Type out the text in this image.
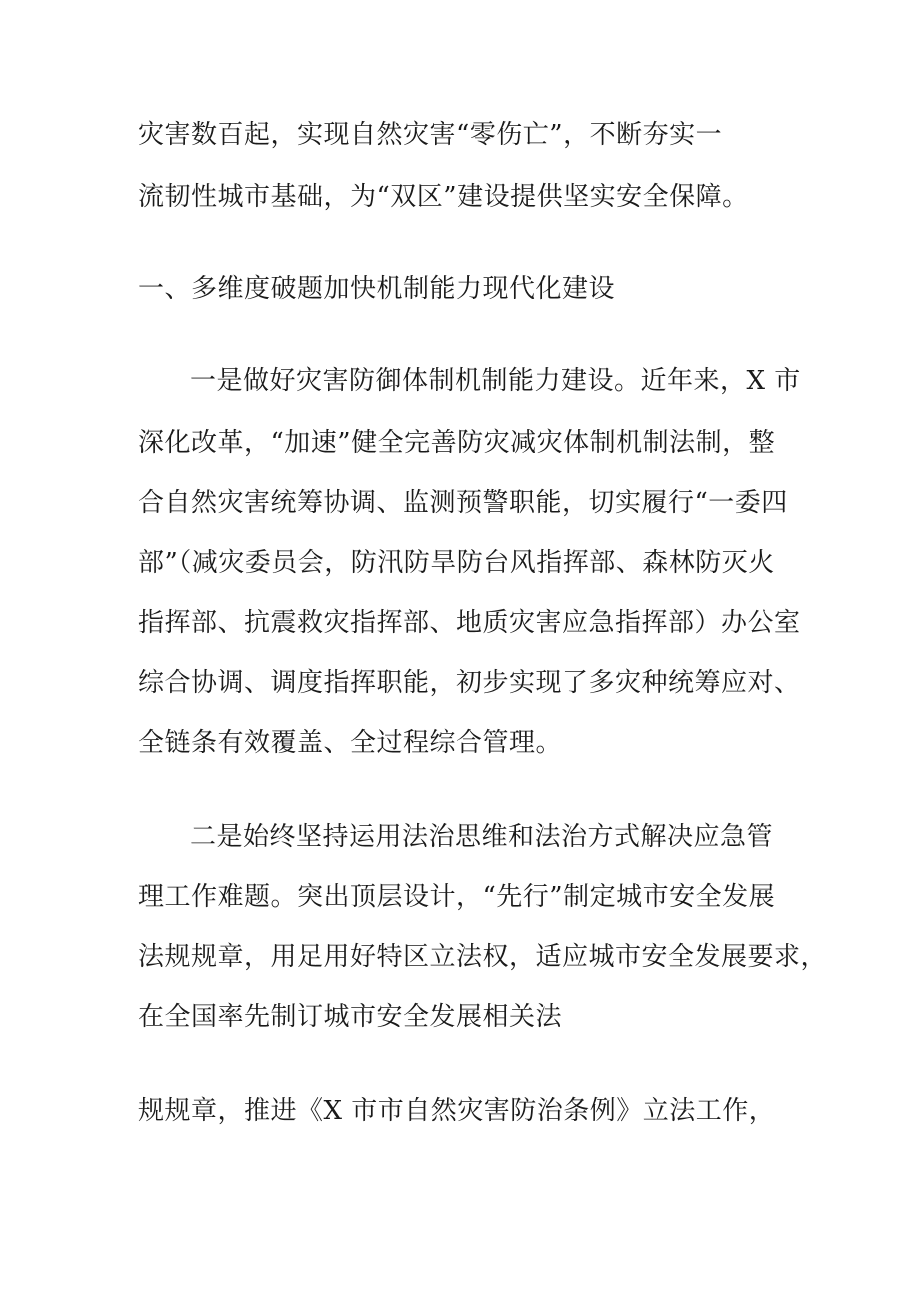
灾害数百起，实现自然灾害“零伤亡”，不断夯实一
流韧性城市基础，为“双区”建设提供坚实安全保障。
一、多维度破题加快机制能力现代化建设
一是做好灾害防御体制机制能力建设。近年来，X 市
深化改革，“加速”健全完善防灾减灾体制机制法制，整
合自然灾害统筹协调、监测预警职能，切实履行“一委四
部”（减灾委员会，防汛防旱防台风指挥部、森林防灭火
指挥部、抗震救灾指挥部、地质灾害应急指挥部）办公室
综合协调、调度指挥职能，初步实现了多灾种统筹应对、
全链条有效覆盖、全过程综合管理。
二是始终坚持运用法治思维和法治方式解决应急管
理工作难题。突出顶层设计，“先行”制定城市安全发展
法规规章，用足用好特区立法权，适应城市安全发展要求，
在全国率先制订城市安全发展相关法
规规章，推进《X 市市自然灾害防治条例》立法工作，
